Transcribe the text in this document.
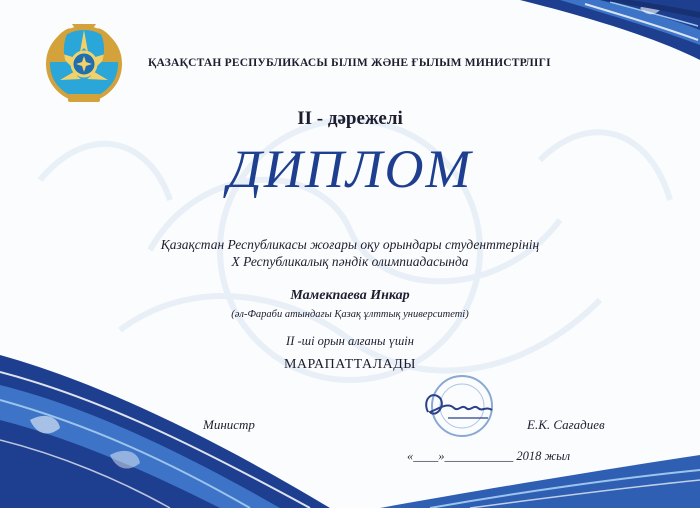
ҚАЗАҚСТАН РЕСПУБЛИКАСЫ БІЛІМ ЖӘНЕ ҒЫЛЫМ МИНИСТРЛІГІ
II - дәрежелі
ДИПЛОМ
Қазақстан Республикасы жоғары оқу орындары студенттерінің
Х Республикалық пәндік олимпиадасында
Мамекпаева Инкар
(әл-Фараби атындағы Қазақ ұлттық университеті)
II -ші орын алғаны үшін
МАРАПАТТАЛАДЫ
Министр	Е.К. Сағадиев
«____»___________ 2018 жыл
